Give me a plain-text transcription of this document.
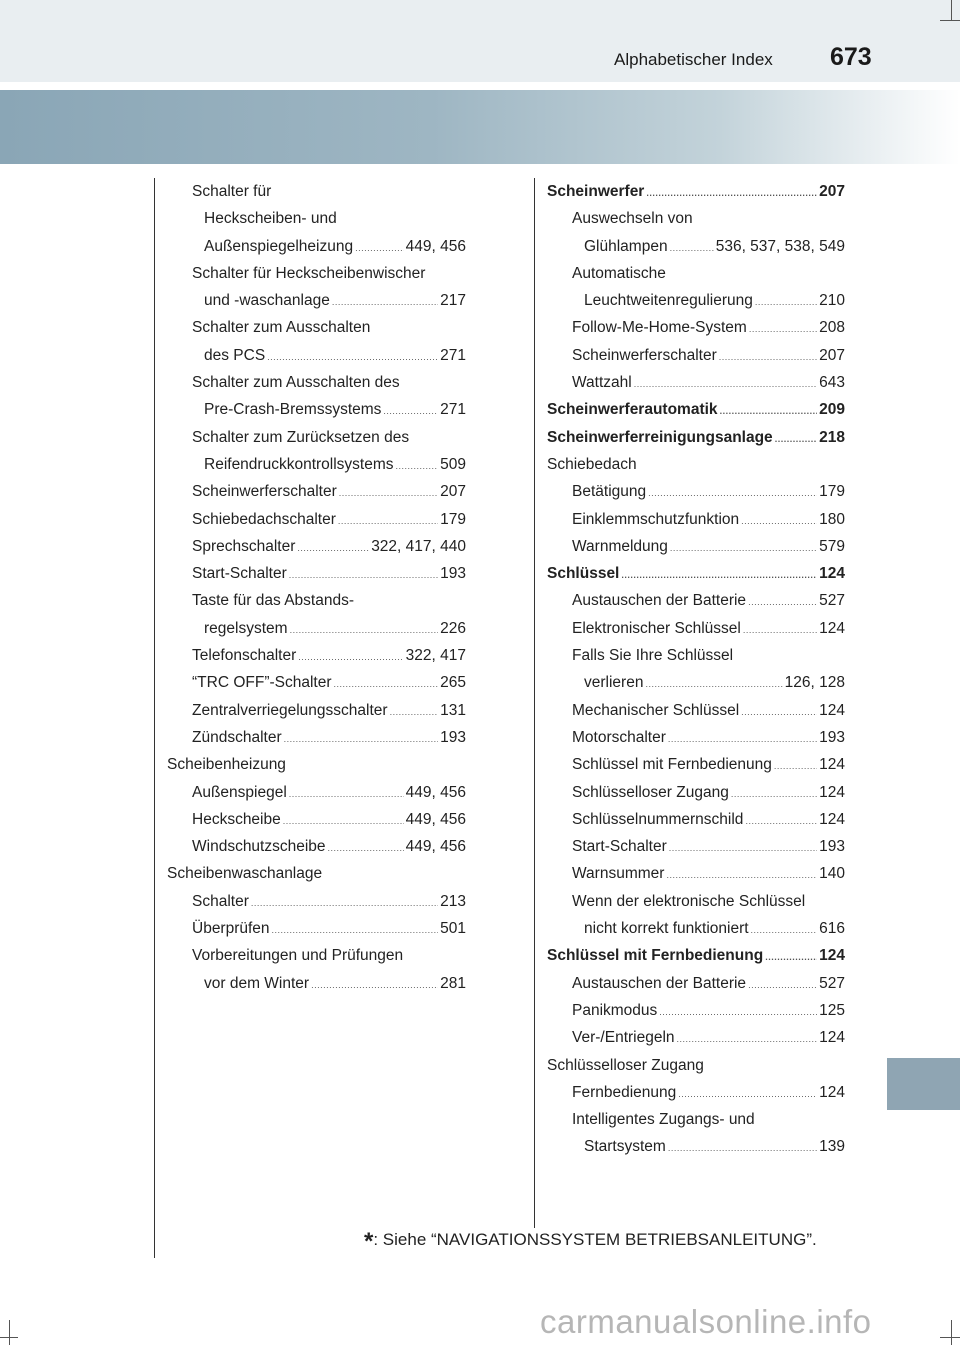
Alphabetischer Index 673
Schalter für
Heckscheiben- und
Außenspiegelheizung .....	449, 456
Schalter für Heckscheibenwischer
und -waschanlage .....	217
Schalter zum Ausschalten
des PCS .....	271
Schalter zum Ausschalten des
Pre-Crash-Bremssystems .....	271
Schalter zum Zurücksetzen des
Reifendruckkontrollsystems .....	509
Scheinwerferschalter .....	207
Schiebedachschalter .....	179
Sprechschalter .....	322, 417, 440
Start-Schalter .....	193
Taste für das Abstands-
regelsystem .....	226
Telefonschalter .....	322, 417
“TRC OFF”-Schalter .....	265
Zentralverriegelungsschalter .....	131
Zündschalter .....	193
Scheibenheizung
Außenspiegel .....	449, 456
Heckscheibe .....	449, 456
Windschutzscheibe .....	449, 456
Scheibenwaschanlage
Schalter .....	213
Überprüfen .....	501
Vorbereitungen und Prüfungen
vor dem Winter .....	281
Scheinwerfer .....	207
Auswechseln von
Glühlampen .....	536, 537, 538, 549
Automatische
Leuchtweitenregulierung .....	210
Follow-Me-Home-System .....	208
Scheinwerferschalter .....	207
Wattzahl .....	643
Scheinwerferautomatik .....	209
Scheinwerferreinigungsanlage .....	218
Schiebedach
Betätigung .....	179
Einklemmschutzfunktion .....	180
Warnmeldung .....	579
Schlüssel .....	124
Austauschen der Batterie .....	527
Elektronischer Schlüssel .....	124
Falls Sie Ihre Schlüssel
verlieren .....	126, 128
Mechanischer Schlüssel .....	124
Motorschalter .....	193
Schlüssel mit Fernbedienung .....	124
Schlüsselloser Zugang .....	124
Schlüsselnummernschild .....	124
Start-Schalter .....	193
Warnsummer .....	140
Wenn der elektronische Schlüssel
nicht korrekt funktioniert .....	616
Schlüssel mit Fernbedienung .....	124
Austauschen der Batterie .....	527
Panikmodus .....	125
Ver-/Entriegeln .....	124
Schlüsselloser Zugang
Fernbedienung .....	124
Intelligentes Zugangs- und
Startsystem .....	139
*: Siehe “NAVIGATIONSSYSTEM BETRIEBSANLEITUNG”.
carmanualsonline.info
